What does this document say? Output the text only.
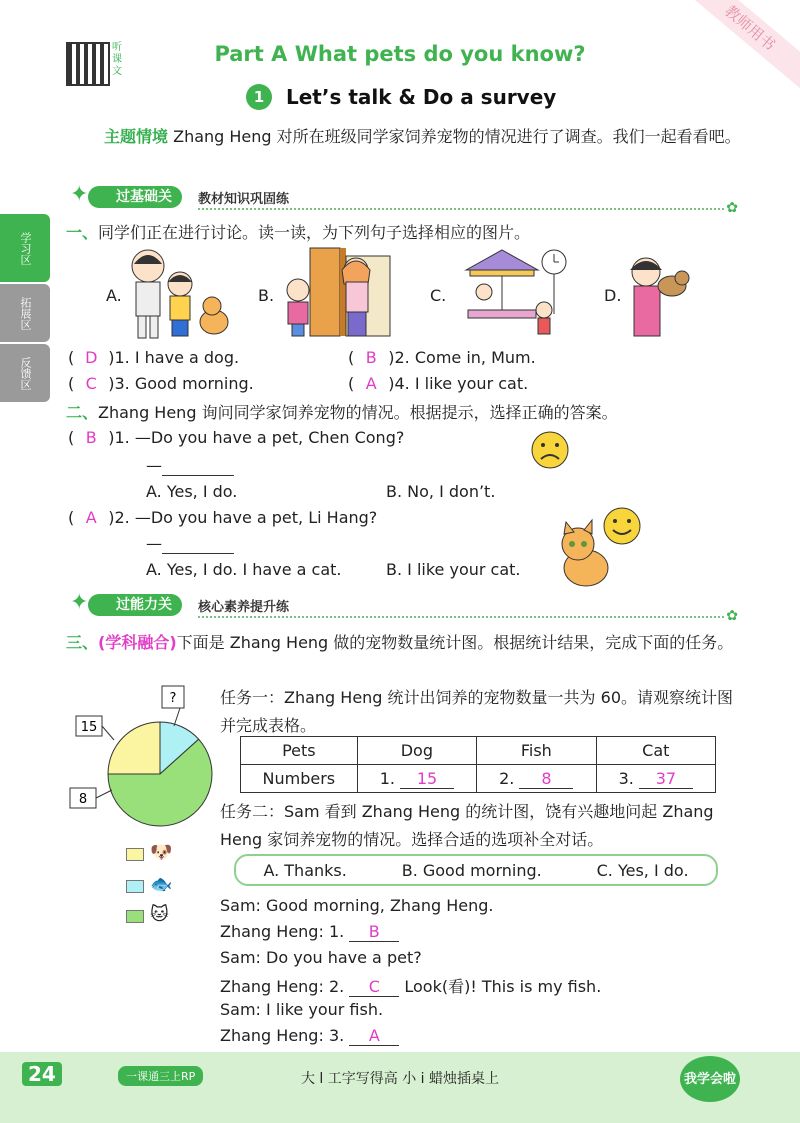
听课文
Part A What pets do you know?
1	Let’s talk & Do a survey
教师用书
主题情境 Zhang Heng 对所在班级同学家饲养宠物的情况进行了调查。我们一起看看吧。
学习区
拓展区
反馈区
✦	过基础关	教材知识巩固练
✿
一、同学们正在进行讨论。读一读，为下列句子选择相应的图片。
A.	B.	C.	D.
( D )1. I have a dog.	( B )2. Come in, Mum.
( C )3. Good morning.	( A )4. I like your cat.
二、Zhang Heng 询问同学家饲养宠物的情况。根据提示，选择正确的答案。
( B )1. —Do you have a pet, Chen Cong?
—
A. Yes, I do.	B. No, I don’t.
( A )2. —Do you have a pet, Li Hang?
—
A. Yes, I do. I have a cat.	B. I like your cat.
✦	过能力关	核心素养提升练
✿
三、(学科融合)下面是 Zhang Heng 做的宠物数量统计图。根据统计结果，完成下面的任务。
?
15
8
🐶
🐟
🐱
任务一：Zhang Heng 统计出饲养的宠物数量一共为 60。请观察统计图并完成表格。
Pets	Dog	Fish	Cat
Numbers	1. 15	2. 8	3. 37
任务二：Sam 看到 Zhang Heng 的统计图，饶有兴趣地问起 Zhang Heng 家饲养宠物的情况。选择合适的选项补全对话。
A. Thanks.	B. Good morning.	C. Yes, I do.
Sam: Good morning, Zhang Heng.
Zhang Heng: 1. B
Sam: Do you have a pet?
Zhang Heng: 2. C Look(看)! This is my fish.
Sam: I like your fish.
Zhang Heng: 3. A
24	一课通三上RP	大 l 工字写得高 小 i 蜡烛插桌上	我学会啦
